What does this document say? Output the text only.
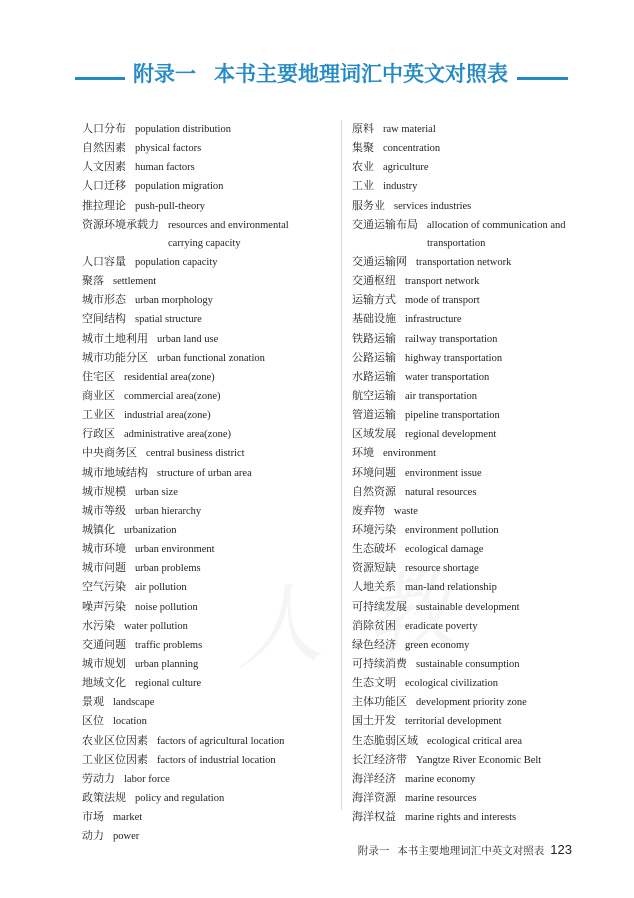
附录一 本书主要地理词汇中英文对照表
人口分布 population distribution
自然因素 physical factors
人文因素 human factors
人口迁移 population migration
推拉理论 push-pull-theory
资源环境承载力 resources and environmental carrying capacity
人口容量 population capacity
聚落 settlement
城市形态 urban morphology
空间结构 spatial structure
城市土地利用 urban land use
城市功能分区 urban functional zonation
住宅区 residential area(zone)
商业区 commercial area(zone)
工业区 industrial area(zone)
行政区 administrative area(zone)
中央商务区 central business district
城市地域结构 structure of urban area
城市规模 urban size
城市等级 urban hierarchy
城镇化 urbanization
城市环境 urban environment
城市问题 urban problems
空气污染 air pollution
噪声污染 noise pollution
水污染 water pollution
交通问题 traffic problems
城市规划 urban planning
地域文化 regional culture
景观 landscape
区位 location
农业区位因素 factors of agricultural location
工业区位因素 factors of industrial location
劳动力 labor force
政策法规 policy and regulation
市场 market
动力 power
原料 raw material
集聚 concentration
农业 agriculture
工业 industry
服务业 services industries
交通运输布局 allocation of communication and transportation
交通运输网 transportation network
交通枢纽 transport network
运输方式 mode of transport
基础设施 infrastructure
铁路运输 railway transportation
公路运输 highway transportation
水路运输 water transportation
航空运输 air transportation
管道运输 pipeline transportation
区域发展 regional development
环境 environment
环境问题 environment issue
自然资源 natural resources
废弃物 waste
环境污染 environment pollution
生态破坏 ecological damage
资源短缺 resource shortage
人地关系 man-land relationship
可持续发展 sustainable development
消除贫困 eradicate poverty
绿色经济 green economy
可持续消费 sustainable consumption
生态文明 ecological civilization
主体功能区 development priority zone
国土开发 territorial development
生态脆弱区域 ecological critical area
长江经济带 Yangtze River Economic Belt
海洋经济 marine economy
海洋资源 marine resources
海洋权益 marine rights and interests
附录一 本书主要地理词汇中英文对照表 123
